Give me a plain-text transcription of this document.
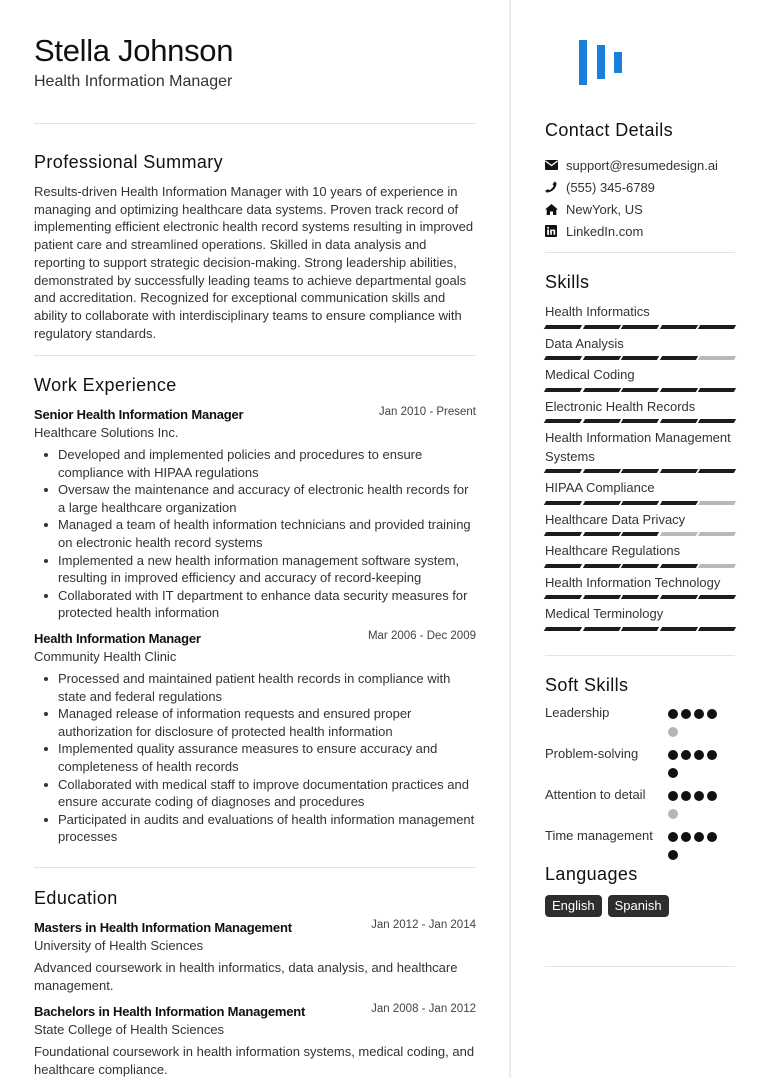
Stella Johnson
Health Information Manager
Professional Summary
Results-driven Health Information Manager with 10 years of experience in managing and optimizing healthcare data systems. Proven track record of implementing efficient electronic health record systems resulting in improved patient care and streamlined operations. Skilled in data analysis and reporting to support strategic decision-making. Strong leadership abilities, demonstrated by successfully leading teams to achieve departmental goals and accreditation. Recognized for exceptional communication skills and ability to collaborate with interdisciplinary teams to ensure compliance with regulatory standards.
Work Experience
Senior Health Information Manager	Jan 2010 - Present
Healthcare Solutions Inc.
Developed and implemented policies and procedures to ensure compliance with HIPAA regulations
Oversaw the maintenance and accuracy of electronic health records for a large healthcare organization
Managed a team of health information technicians and provided training on electronic health record systems
Implemented a new health information management software system, resulting in improved efficiency and accuracy of record-keeping
Collaborated with IT department to enhance data security measures for protected health information
Health Information Manager	Mar 2006 - Dec 2009
Community Health Clinic
Processed and maintained patient health records in compliance with state and federal regulations
Managed release of information requests and ensured proper authorization for disclosure of protected health information
Implemented quality assurance measures to ensure accuracy and completeness of health records
Collaborated with medical staff to improve documentation practices and ensure accurate coding of diagnoses and procedures
Participated in audits and evaluations of health information management processes
Education
Masters in Health Information Management	Jan 2012 - Jan 2014
University of Health Sciences
Advanced coursework in health informatics, data analysis, and healthcare management.
Bachelors in Health Information Management	Jan 2008 - Jan 2012
State College of Health Sciences
Foundational coursework in health information systems, medical coding, and healthcare compliance.
Contact Details
support@resumedesign.ai
(555) 345-6789
NewYork, US
LinkedIn.com
Skills
Health Informatics
Data Analysis
Medical Coding
Electronic Health Records
Health Information Management Systems
HIPAA Compliance
Healthcare Data Privacy
Healthcare Regulations
Health Information Technology
Medical Terminology
Soft Skills
Leadership
Problem-solving
Attention to detail
Time management
Languages
English	Spanish
